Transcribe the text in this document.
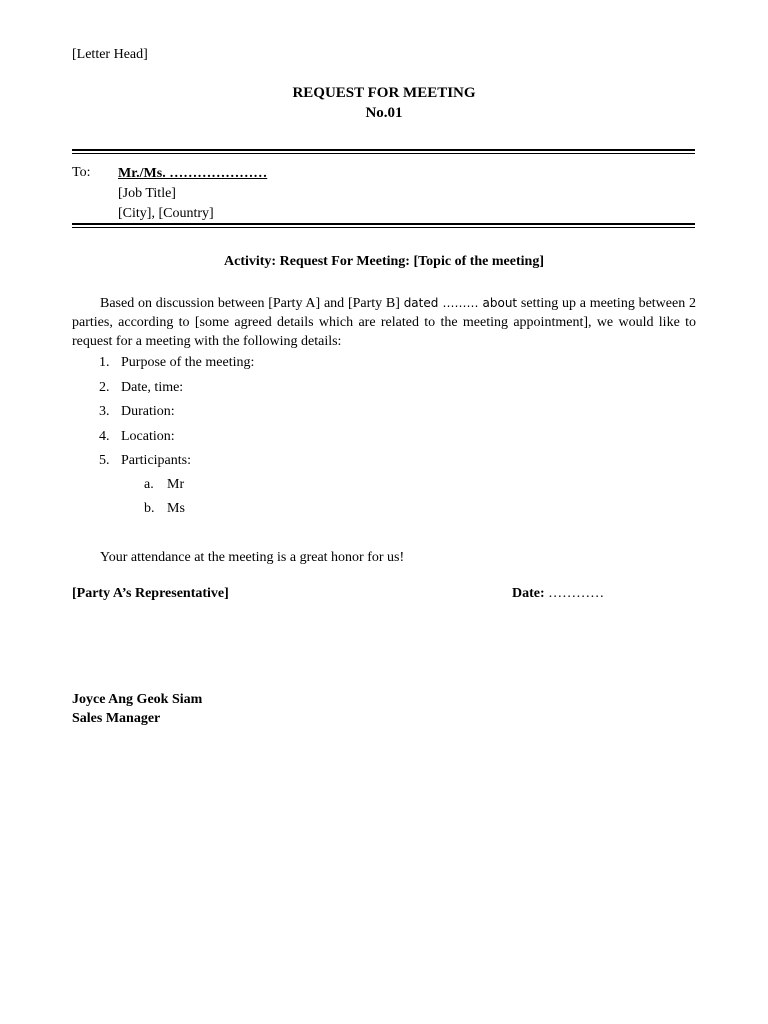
[Letter Head]
REQUEST FOR MEETING
No.01
To: Mr./Ms. …………………
[Job Title]
[City], [Country]
Activity: Request For Meeting: [Topic of the meeting]
Based on discussion between [Party A] and [Party B] dated ……… about setting up a meeting between 2 parties, according to [some agreed details which are related to the meeting appointment], we would like to request for a meeting with the following details:
1. Purpose of the meeting:
2. Date, time:
3. Duration:
4. Location:
5. Participants:
a. Mr
b. Ms
Your attendance at the meeting is a great honor for us!
[Party A’s Representative]	Date: …………
Joyce Ang Geok Siam
Sales Manager
